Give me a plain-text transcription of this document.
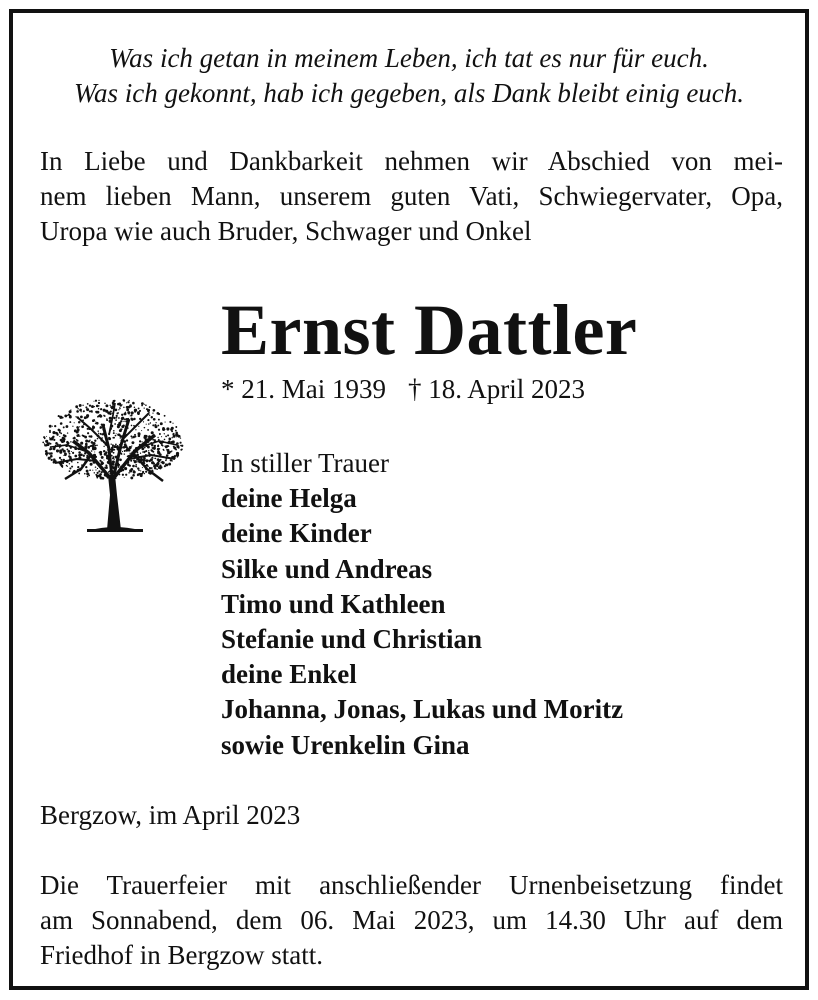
Was ich getan in meinem Leben, ich tat es nur für euch.
Was ich gekonnt, hab ich gegeben, als Dank bleibt einig euch.
In Liebe und Dankbarkeit nehmen wir Abschied von mei-
nem lieben Mann, unserem guten Vati, Schwiegervater, Opa,
Uropa wie auch Bruder, Schwager und Onkel
Ernst Dattler
* 21. Mai 1939 † 18. April 2023
In stiller Trauer
deine Helga
deine Kinder
Silke und Andreas
Timo und Kathleen
Stefanie und Christian
deine Enkel
Johanna, Jonas, Lukas und Moritz
sowie Urenkelin Gina
Bergzow, im April 2023
Die Trauerfeier mit anschließender Urnenbeisetzung findet
am Sonnabend, dem 06. Mai 2023, um 14.30 Uhr auf dem
Friedhof in Bergzow statt.
